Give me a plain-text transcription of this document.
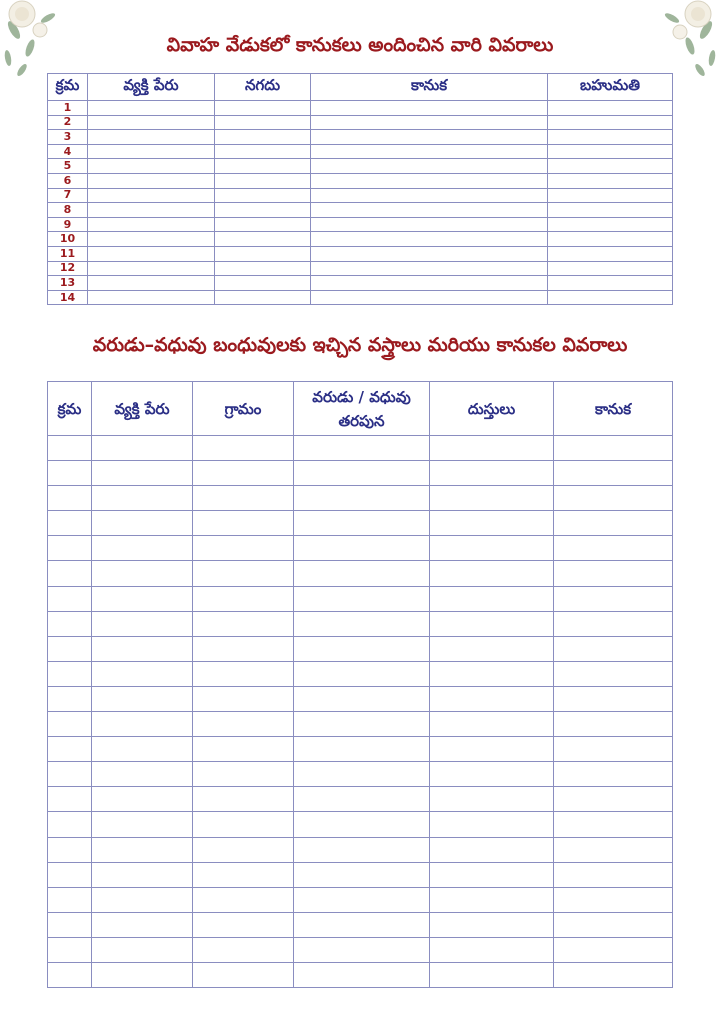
వివాహ వేడుకలో కానుకలు అందించిన వారి వివరాలు
క్రమ	వ్యక్తి పేరు	నగదు	కానుక	బహుమతి
1				
2				
3				
4				
5				
6				
7				
8				
9				
10				
11				
12				
13				
14				
వరుడు–వధువు బంధువులకు ఇచ్చిన వస్త్రాలు మరియు కానుకల వివరాలు
క్రమ	వ్యక్తి పేరు	గ్రామం	వరుడు / వధువు తరపున	దుస్తులు	కానుక
